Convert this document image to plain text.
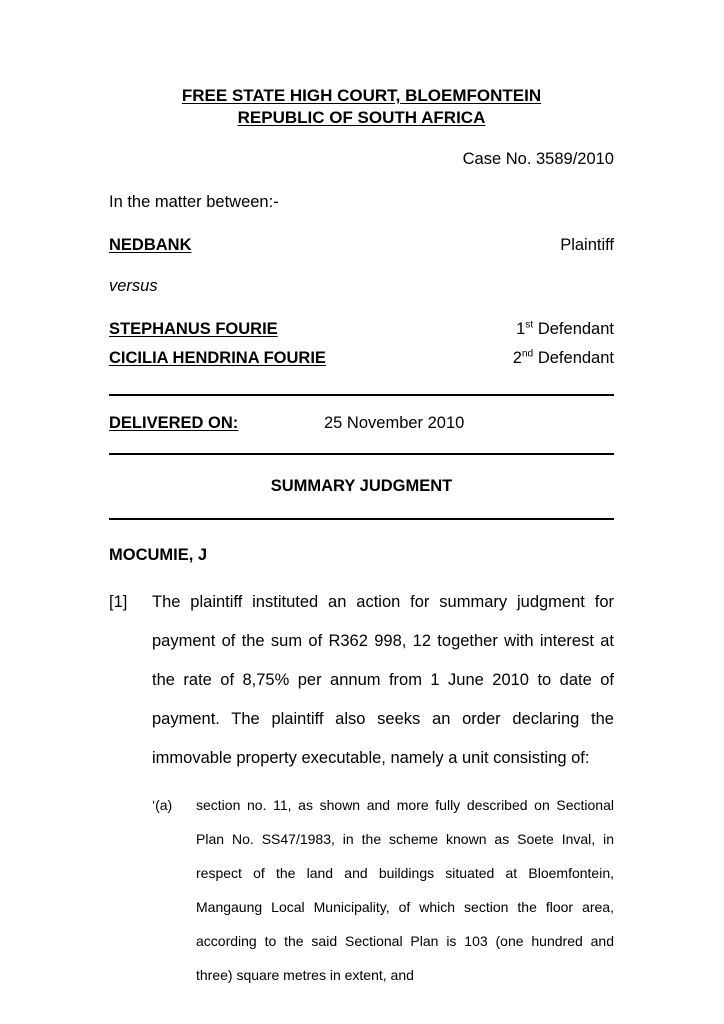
FREE STATE HIGH COURT, BLOEMFONTEIN
REPUBLIC OF SOUTH AFRICA
Case No. 3589/2010
In the matter between:-
NEDBANK	Plaintiff
versus
STEPHANUS FOURIE	1st Defendant
CICILIA HENDRINA FOURIE	2nd Defendant
DELIVERED ON:	25 November 2010
SUMMARY JUDGMENT
MOCUMIE, J
[1]	The plaintiff instituted an action for summary judgment for payment of the sum of R362 998, 12 together with interest at the rate of 8,75% per annum from 1 June 2010 to date of payment. The plaintiff also seeks an order declaring the immovable property executable, namely a unit consisting of:
‘(a)	section no. 11, as shown and more fully described on Sectional Plan No. SS47/1983, in the scheme known as Soete Inval, in respect of the land and buildings situated at Bloemfontein, Mangaung Local Municipality, of which section the floor area, according to the said Sectional Plan is 103 (one hundred and three) square metres in extent, and
